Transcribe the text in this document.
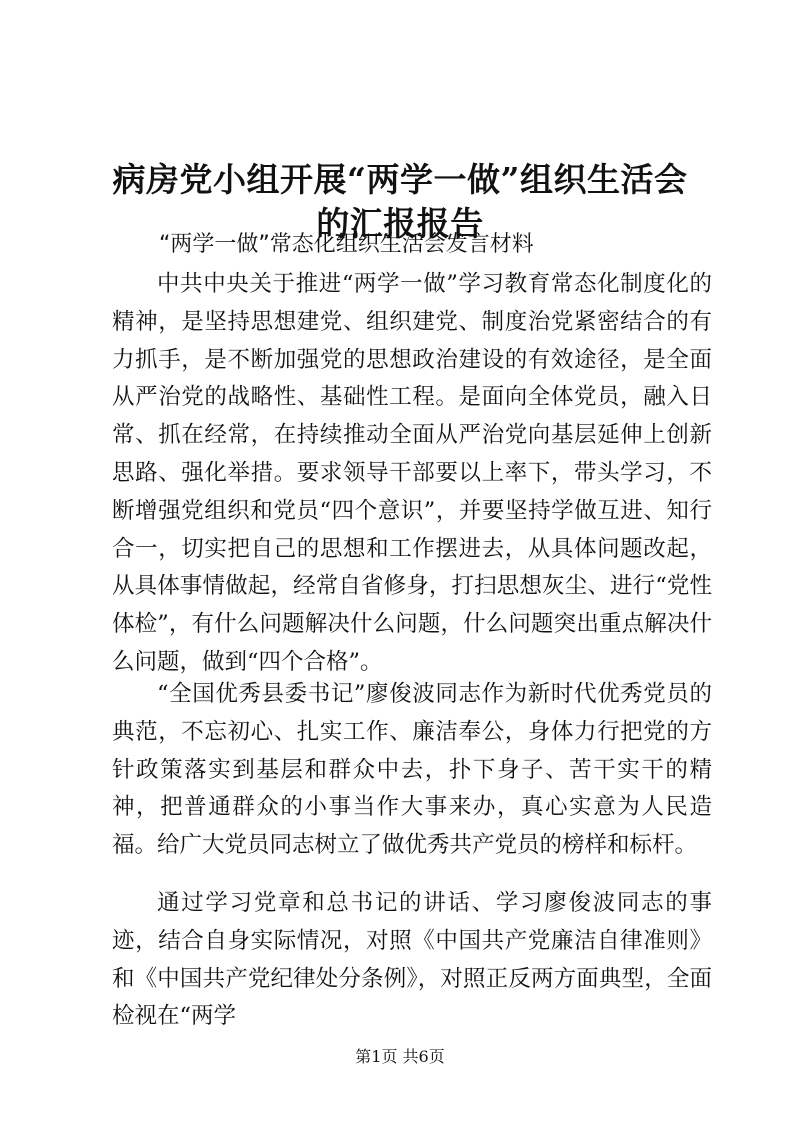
病房党小组开展“两学一做”组织生活会的汇报报告
“两学一做”常态化组织生活会发言材料

中共中央关于推进“两学一做”学习教育常态化制度化的精神，是坚持思想建党、组织建党、制度治党紧密结合的有力抓手，是不断加强党的思想政治建设的有效途径，是全面从严治党的战略性、基础性工程。是面向全体党员，融入日常、抓在经常，在持续推动全面从严治党向基层延伸上创新思路、强化举措。要求领导干部要以上率下，带头学习，不断增强党组织和党员“四个意识”，并要坚持学做互进、知行合一，切实把自己的思想和工作摆进去，从具体问题改起，从具体事情做起，经常自省修身，打扫思想灰尘、进行“党性体检”，有什么问题解决什么问题，什么问题突出重点解决什么问题，做到“四个合格”。

“全国优秀县委书记”廖俊波同志作为新时代优秀党员的典范，不忘初心、扎实工作、廉洁奉公，身体力行把党的方针政策落实到基层和群众中去，扑下身子、苦干实干的精神，把普通群众的小事当作大事来办，真心实意为人民造福。给广大党员同志树立了做优秀共产党员的榜样和标杆。

通过学习党章和总书记的讲话、学习廖俊波同志的事迹，结合自身实际情况，对照《中国共产党廉洁自律准则》和《中国共产党纪律处分条例》，对照正反两方面典型，全面检视在“两学

第1页 共6页
